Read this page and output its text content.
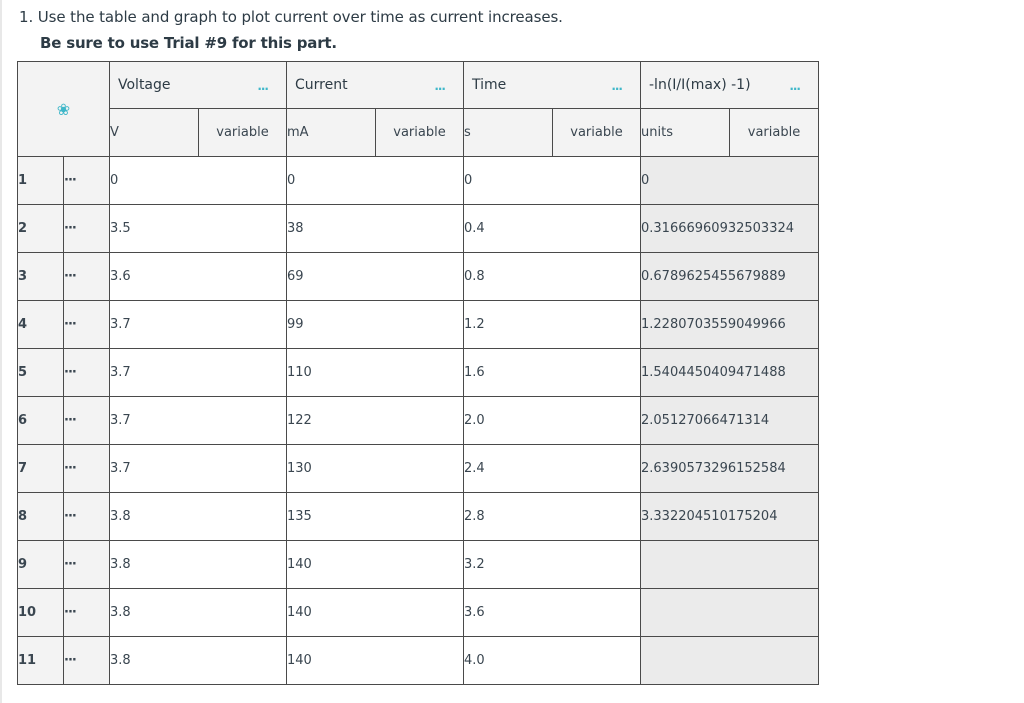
1. Use the table and graph to plot current over time as current increases.
Be sure to use Trial #9 for this part.
❀		Voltage ···		Current ···		Time ···		-ln(I/I(max) -1) ···	

		V	variable	mA	variable	s	variable	units	variable
1	···	0		0		0		0	
2	···	3.5		38		0.4		0.31666960932503324	
3	···	3.6		69		0.8		0.6789625455679889	
4	···	3.7		99		1.2		1.2280703559049966	
5	···	3.7		110		1.6		1.5404450409471488	
6	···	3.7		122		2.0		2.05127066471314	
7	···	3.7		130		2.4		2.6390573296152584	
8	···	3.8		135		2.8		3.332204510175204	
9	···	3.8		140		3.2			
10	···	3.8		140		3.6			
11	···	3.8		140		4.0			
